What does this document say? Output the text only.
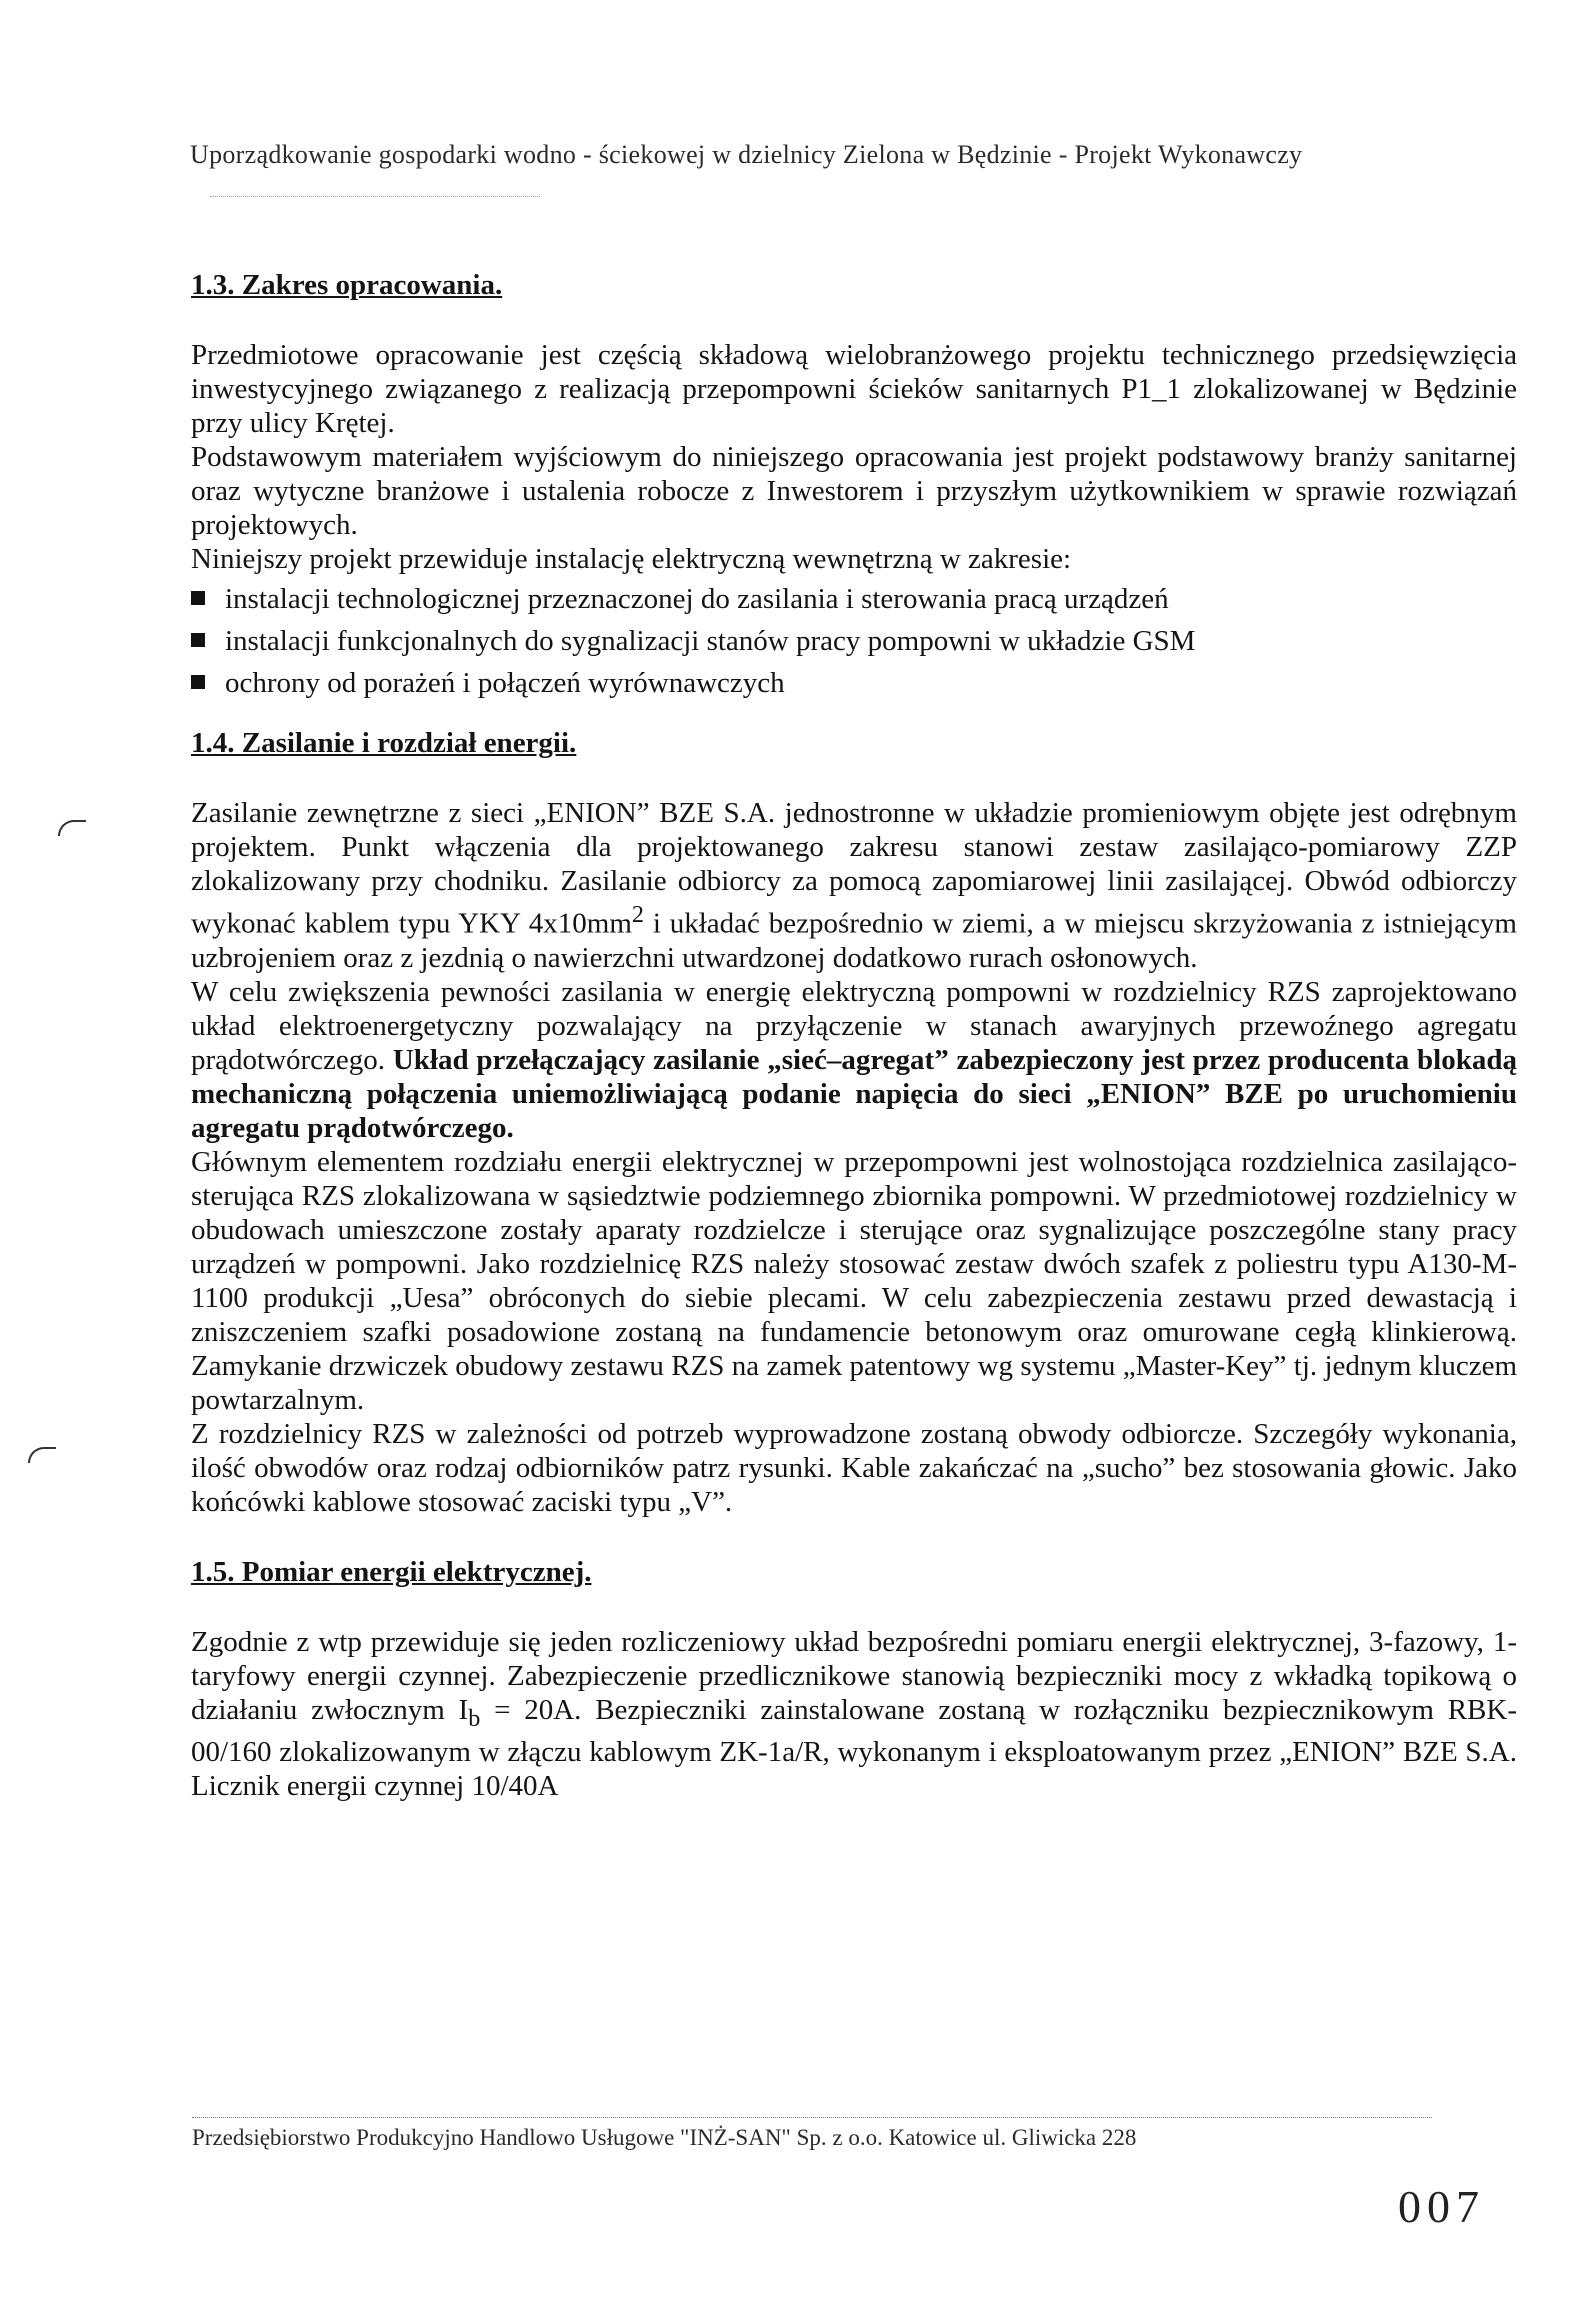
Uporządkowanie gospodarki wodno - ściekowej w dzielnicy Zielona w Będzinie - Projekt Wykonawczy
1.3. Zakres opracowania.

Przedmiotowe opracowanie jest częścią składową wielobranżowego projektu technicznego przedsięwzięcia inwestycyjnego związanego z realizacją przepompowni ścieków sanitarnych P1_1 zlokalizowanej w Będzinie przy ulicy Krętej.

Podstawowym materiałem wyjściowym do niniejszego opracowania jest projekt podstawowy branży sanitarnej oraz wytyczne branżowe i ustalenia robocze z Inwestorem i przyszłym użytkownikiem w sprawie rozwiązań projektowych.

Niniejszy projekt przewiduje instalację elektryczną wewnętrzną w zakresie:

instalacji technologicznej przeznaczonej do zasilania i sterowania pracą urządzeń
instalacji funkcjonalnych do sygnalizacji stanów pracy pompowni w układzie GSM
ochrony od porażeń i połączeń wyrównawczych
1.4. Zasilanie i rozdział energii.

Zasilanie zewnętrzne z sieci „ENION” BZE S.A. jednostronne w układzie promieniowym objęte jest odrębnym projektem. Punkt włączenia dla projektowanego zakresu stanowi zestaw zasilająco-pomiarowy ZZP zlokalizowany przy chodniku. Zasilanie odbiorcy za pomocą zapomiarowej linii zasilającej. Obwód odbiorczy wykonać kablem typu YKY $4x10mm^2$ i układać bezpośrednio w ziemi, a w miejscu skrzyżowania z istniejącym uzbrojeniem oraz z jezdnią o nawierzchni utwardzonej dodatkowo rurach osłonowych.

W celu zwiększenia pewności zasilania w energię elektryczną pompowni w rozdzielnicy RZS zaprojektowano układ elektroenergetyczny pozwalający na przyłączenie w stanach awaryjnych przewoźnego agregatu prądotwórczego. Układ przełączający zasilanie „sieć–agregat” zabezpieczony jest przez producenta blokadą mechaniczną połączenia uniemożliwiającą podanie napięcia do sieci „ENION” BZE po uruchomieniu agregatu prądotwórczego.

Głównym elementem rozdziału energii elektrycznej w przepompowni jest wolnostojąca rozdzielnica zasilająco-sterująca RZS zlokalizowana w sąsiedztwie podziemnego zbiornika pompowni. W przedmiotowej rozdzielnicy w obudowach umieszczone zostały aparaty rozdzielcze i sterujące oraz sygnalizujące poszczególne stany pracy urządzeń w pompowni. Jako rozdzielnicę RZS należy stosować zestaw dwóch szafek z poliestru typu A130-M-1100 produkcji „Uesa” obróconych do siebie plecami. W celu zabezpieczenia zestawu przed dewastacją i zniszczeniem szafki posadowione zostaną na fundamencie betonowym oraz omurowane cegłą klinkierową. Zamykanie drzwiczek obudowy zestawu RZS na zamek patentowy wg systemu „Master-Key” tj. jednym kluczem powtarzalnym.

Z rozdzielnicy RZS w zależności od potrzeb wyprowadzone zostaną obwody odbiorcze. Szczegóły wykonania, ilość obwodów oraz rodzaj odbiorników patrz rysunki. Kable zakańczać na „sucho” bez stosowania głowic. Jako końcówki kablowe stosować zaciski typu „V”.

1.5. Pomiar energii elektrycznej.

Zgodnie z wtp przewiduje się jeden rozliczeniowy układ bezpośredni pomiaru energii elektrycznej, 3-fazowy, 1-taryfowy energii czynnej. Zabezpieczenie przedlicznikowe stanowią bezpieczniki mocy z wkładką topikową o działaniu zwłocznym $I_b = 20A$. Bezpieczniki zainstalowane zostaną w rozłączniku bezpiecznikowym RBK-00/160 zlokalizowanym w złączu kablowym ZK-1a/R, wykonanym i eksploatowanym przez „ENION” BZE S.A. Licznik energii czynnej 10/40A

Przedsiębiorstwo Produkcyjno Handlowo Usługowe "INŻ-SAN" Sp. z o.o. Katowice ul. Gliwicka 228
007
